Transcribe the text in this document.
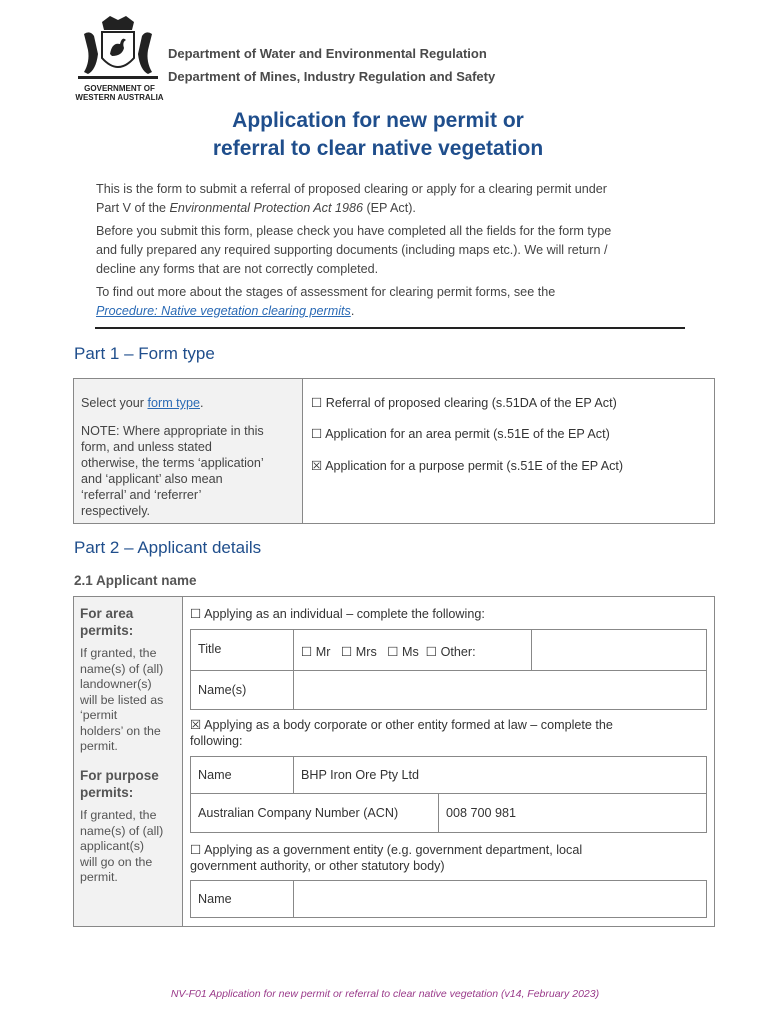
GOVERNMENT OF
WESTERN AUSTRALIA
Department of Water and Environmental Regulation
Department of Mines, Industry Regulation and Safety
Application for new permit or
referral to clear native vegetation
This is the form to submit a referral of proposed clearing or apply for a clearing permit under
Part V of the Environmental Protection Act 1986 (EP Act).
Before you submit this form, please check you have completed all the fields for the form type
and fully prepared any required supporting documents (including maps etc.). We will return /
decline any forms that are not correctly completed.
To find out more about the stages of assessment for clearing permit forms, see the
Procedure: Native vegetation clearing permits.
Part 1 – Form type
Select your form type.
NOTE: Where appropriate in this
form, and unless stated
otherwise, the terms ‘application’
and ‘applicant’ also mean
‘referral’ and ‘referrer’
respectively.
☐ Referral of proposed clearing (s.51DA of the EP Act)
☐ Application for an area permit (s.51E of the EP Act)
☒ Application for a purpose permit (s.51E of the EP Act)
Part 2 – Applicant details
2.1 Applicant name
For area
permits:
If granted, the
name(s) of (all)
landowner(s)
will be listed as
‘permit
holders’ on the
permit.
For purpose
permits:
If granted, the
name(s) of (all)
applicant(s)
will go on the
permit.
☐ Applying as an individual – complete the following:
Title	☐ Mr   ☐ Mrs   ☐ Ms  ☐ Other:
Name(s)
☒ Applying as a body corporate or other entity formed at law – complete the
following:
Name	BHP Iron Ore Pty Ltd
Australian Company Number (ACN)	008 700 981
☐ Applying as a government entity (e.g. government department, local
government authority, or other statutory body)
Name
NV-F01 Application for new permit or referral to clear native vegetation (v14, February 2023)
